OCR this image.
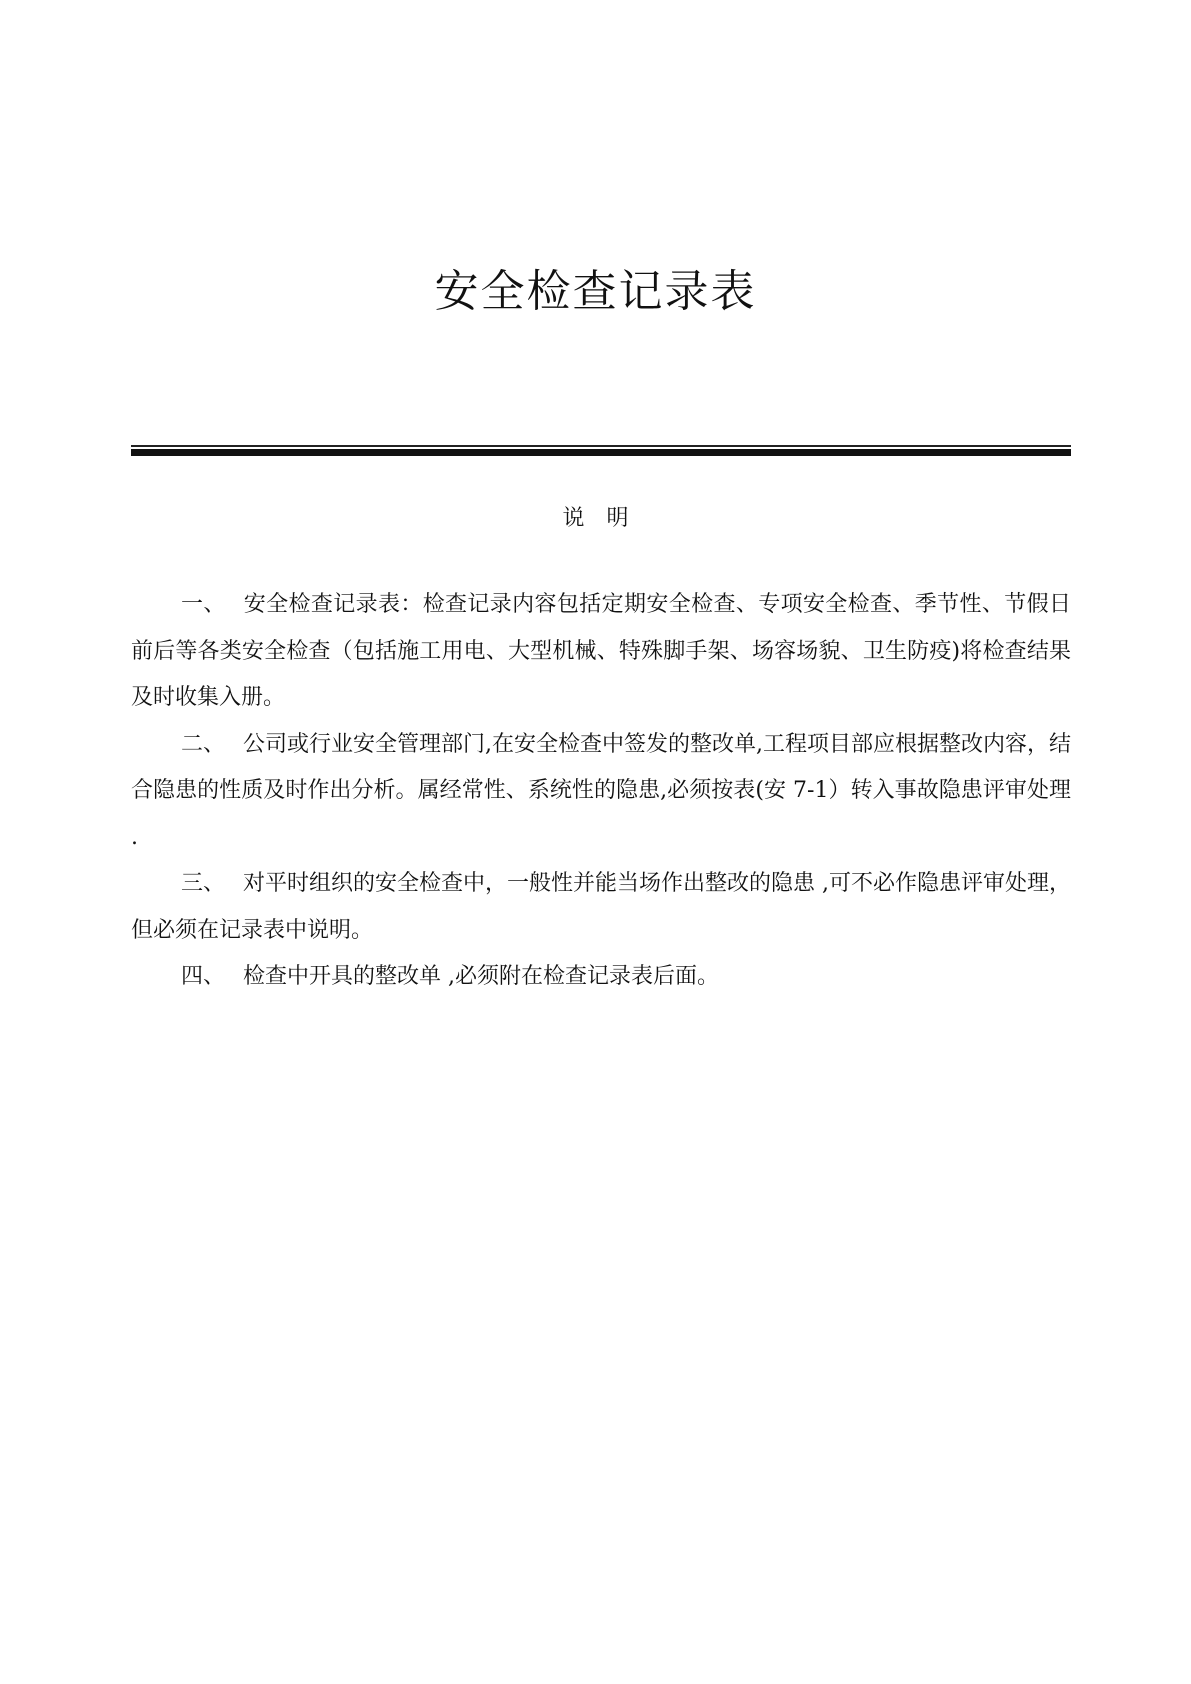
安全检查记录表
说　明

一、 安全检查记录表：检查记录内容包括定期安全检查、专项安全检查、季节性、节假日前后等各类安全检查（包括施工用电、大型机械、特殊脚手架、场容场貌、卫生防疫)将检查结果及时收集入册。

二、 公司或行业安全管理部门,在安全检查中签发的整改单,工程项目部应根据整改内容，结合隐患的性质及时作出分析。属经常性、系统性的隐患,必须按表(安 7-1）转入事故隐患评审处理 .

三、 对平时组织的安全检查中，一般性并能当场作出整改的隐患 ,可不必作隐患评审处理，但必须在记录表中说明。

四、 检查中开具的整改单 ,必须附在检查记录表后面。
